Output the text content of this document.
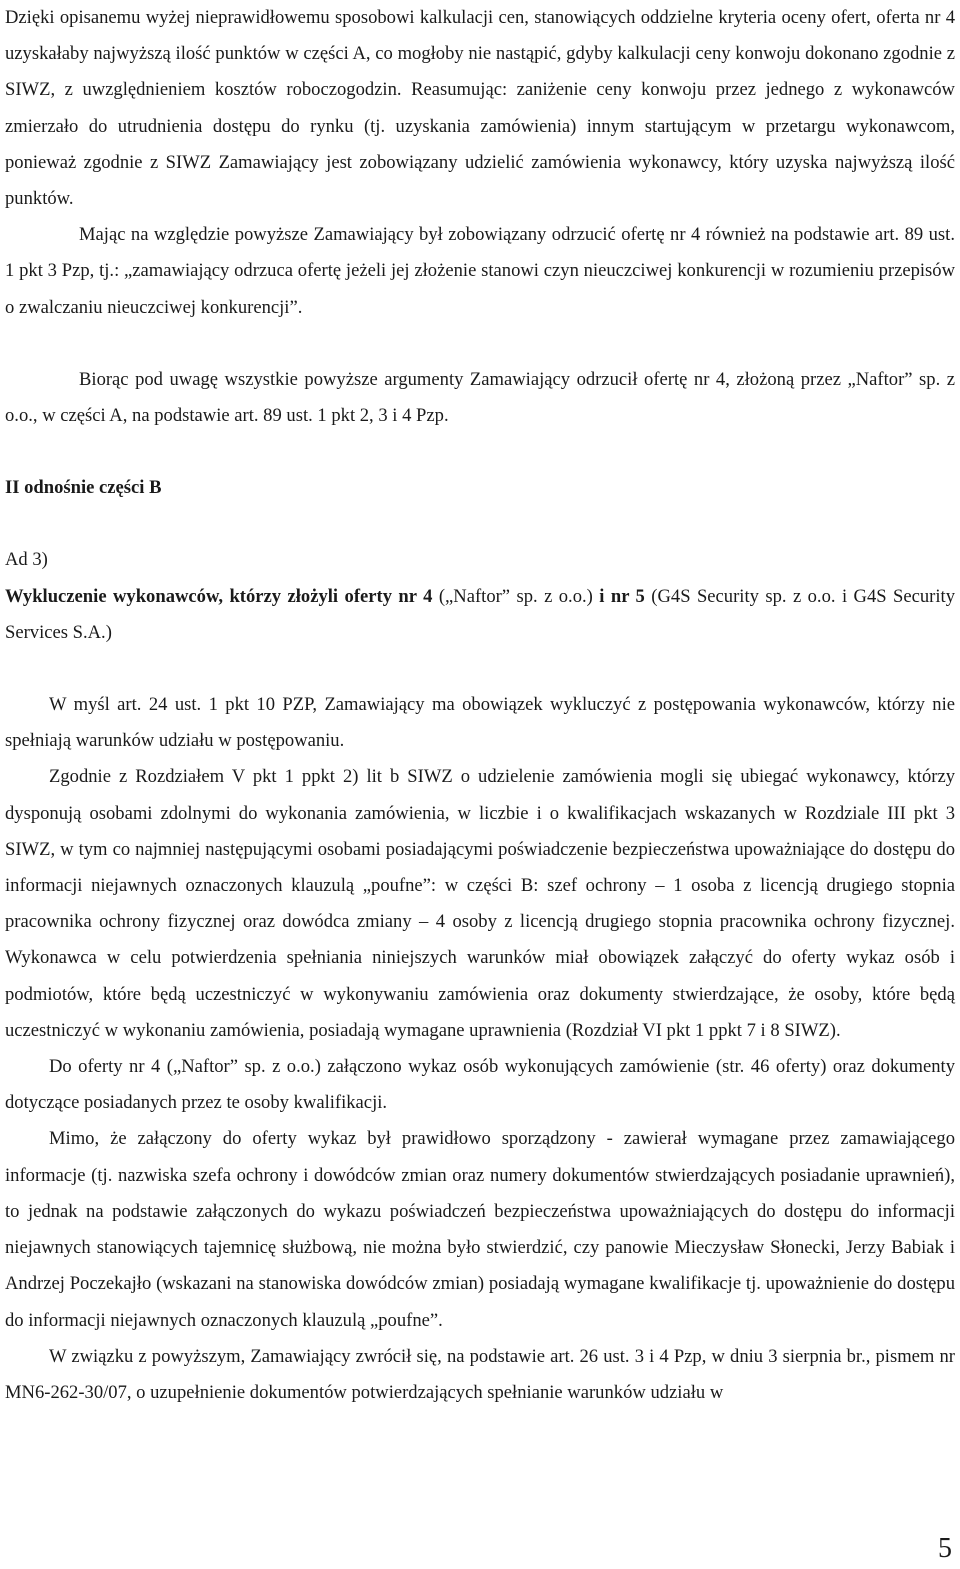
Dzięki opisanemu wyżej nieprawidłowemu sposobowi kalkulacji cen, stanowiących oddzielne kryteria oceny ofert, oferta nr 4 uzyskałaby najwyższą ilość punktów w części A, co mogłoby nie nastąpić, gdyby kalkulacji ceny konwoju dokonano zgodnie z SIWZ, z uwzględnieniem kosztów roboczogodzin. Reasumując: zaniżenie ceny konwoju przez jednego z wykonawców zmierzało do utrudnienia dostępu do rynku (tj. uzyskania zamówienia) innym startującym w przetargu wykonawcom, ponieważ zgodnie z SIWZ Zamawiający jest zobowiązany udzielić zamówienia wykonawcy, który uzyska najwyższą ilość punktów.

Mając na względzie powyższe Zamawiający był zobowiązany odrzucić ofertę nr 4 również na podstawie art. 89 ust. 1 pkt 3 Pzp, tj.: „zamawiający odrzuca ofertę jeżeli jej złożenie stanowi czyn nieuczciwej konkurencji w rozumieniu przepisów o zwalczaniu nieuczciwej konkurencji”.

Biorąc pod uwagę wszystkie powyższe argumenty Zamawiający odrzucił ofertę nr 4, złożoną przez „Naftor” sp. z o.o., w części A, na podstawie art. 89 ust. 1 pkt 2, 3 i 4 Pzp.

II odnośnie części B

Ad 3)

Wykluczenie wykonawców, którzy złożyli oferty nr 4 („Naftor” sp. z o.o.) i nr 5 (G4S Security sp. z o.o. i G4S Security Services S.A.)

W myśl art. 24 ust. 1 pkt 10 PZP, Zamawiający ma obowiązek wykluczyć z postępowania wykonawców, którzy nie spełniają warunków udziału w postępowaniu.

Zgodnie z Rozdziałem V pkt 1 ppkt 2) lit b SIWZ o udzielenie zamówienia mogli się ubiegać wykonawcy, którzy dysponują osobami zdolnymi do wykonania zamówienia, w liczbie i o kwalifikacjach wskazanych w Rozdziale III pkt 3 SIWZ, w tym co najmniej następującymi osobami posiadającymi poświadczenie bezpieczeństwa upoważniające do dostępu do informacji niejawnych oznaczonych klauzulą „poufne”: w części B: szef ochrony – 1 osoba z licencją drugiego stopnia pracownika ochrony fizycznej oraz dowódca zmiany – 4 osoby z licencją drugiego stopnia pracownika ochrony fizycznej. Wykonawca w celu potwierdzenia spełniania niniejszych warunków miał obowiązek załączyć do oferty wykaz osób i podmiotów, które będą uczestniczyć w wykonywaniu zamówienia oraz dokumenty stwierdzające, że osoby, które będą uczestniczyć w wykonaniu zamówienia, posiadają wymagane uprawnienia (Rozdział VI pkt 1 ppkt 7 i 8 SIWZ).

Do oferty nr 4 („Naftor” sp. z o.o.) załączono wykaz osób wykonujących zamówienie (str. 46 oferty) oraz dokumenty dotyczące posiadanych przez te osoby kwalifikacji.

Mimo, że załączony do oferty wykaz był prawidłowo sporządzony - zawierał wymagane przez zamawiającego informacje (tj. nazwiska szefa ochrony i dowódców zmian oraz numery dokumentów stwierdzających posiadanie uprawnień), to jednak na podstawie załączonych do wykazu poświadczeń bezpieczeństwa upoważniających do dostępu do informacji niejawnych stanowiących tajemnicę służbową, nie można było stwierdzić, czy panowie Mieczysław Słonecki, Jerzy Babiak i Andrzej Poczekajło (wskazani na stanowiska dowódców zmian) posiadają wymagane kwalifikacje tj. upoważnienie do dostępu do informacji niejawnych oznaczonych klauzulą „poufne”.

W związku z powyższym, Zamawiający zwrócił się, na podstawie art. 26 ust. 3 i 4 Pzp, w dniu 3 sierpnia br., pismem nr MN6-262-30/07, o uzupełnienie dokumentów potwierdzających spełnianie warunków udziału w

5
